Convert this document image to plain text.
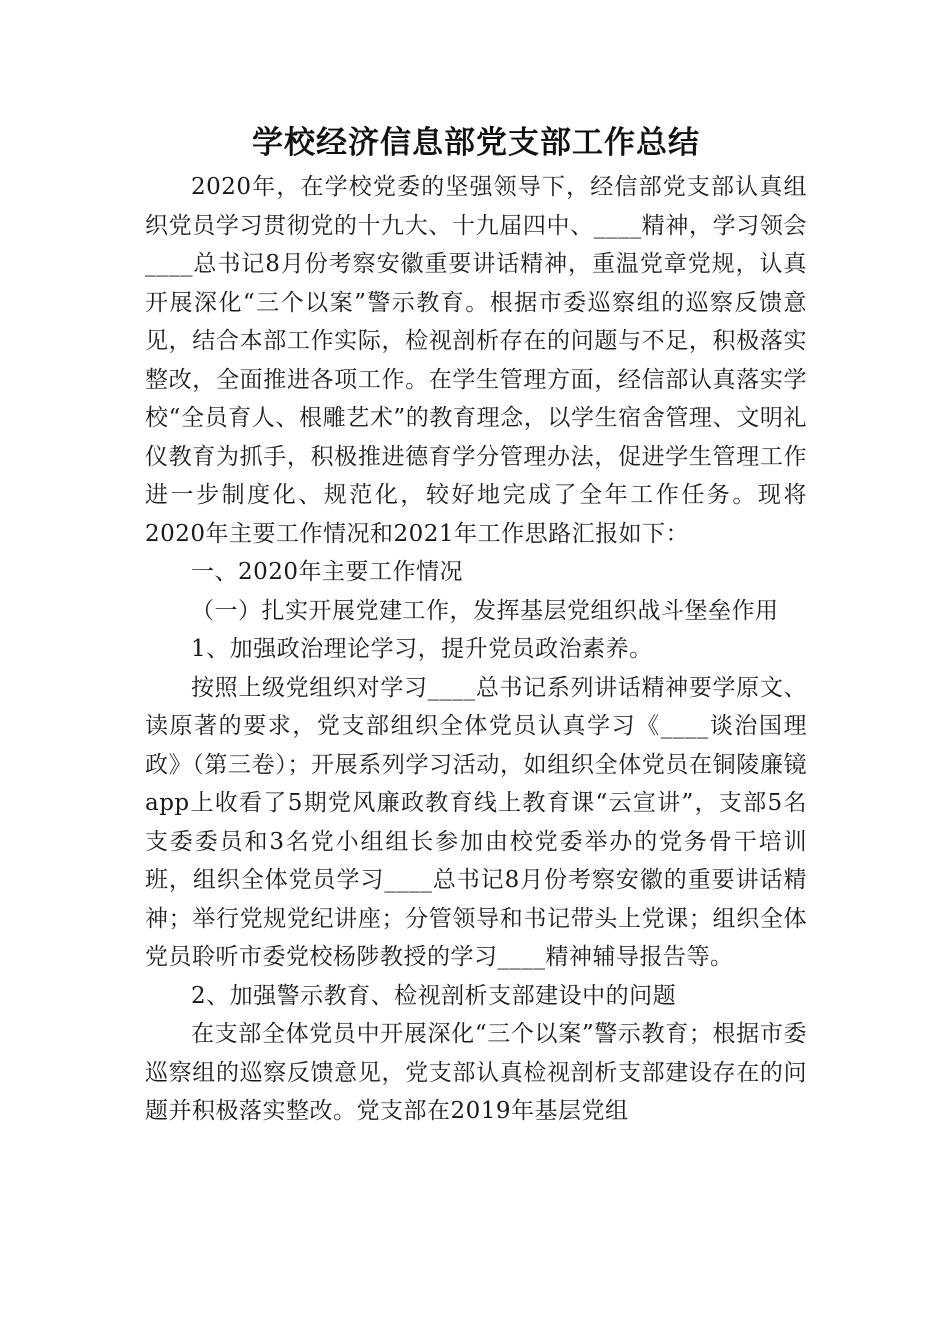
学校经济信息部党支部工作总结

2020年，在学校党委的坚强领导下，经信部党支部认真组织党员学习贯彻党的十九大、十九届四中、____精神，学习领会____总书记8月份考察安徽重要讲话精神，重温党章党规，认真开展深化“三个以案”警示教育。根据市委巡察组的巡察反馈意见，结合本部工作实际，检视剖析存在的问题与不足，积极落实整改，全面推进各项工作。在学生管理方面，经信部认真落实学校“全员育人、根雕艺术”的教育理念，以学生宿舍管理、文明礼仪教育为抓手，积极推进德育学分管理办法，促进学生管理工作进一步制度化、规范化，较好地完成了全年工作任务。现将2020年主要工作情况和2021年工作思路汇报如下：

一、2020年主要工作情况

（一）扎实开展党建工作，发挥基层党组织战斗堡垒作用

1、加强政治理论学习，提升党员政治素养。

按照上级党组织对学习____总书记系列讲话精神要学原文、读原著的要求，党支部组织全体党员认真学习《____谈治国理政》（第三卷）；开展系列学习活动，如组织全体党员在铜陵廉镜app上收看了5期党风廉政教育线上教育课“云宣讲”，支部5名支委委员和3名党小组组长参加由校党委举办的党务骨干培训班，组织全体党员学习____总书记8月份考察安徽的重要讲话精神；举行党规党纪讲座；分管领导和书记带头上党课；组织全体党员聆听市委党校杨陟教授的学习____精神辅导报告等。

2、加强警示教育、检视剖析支部建设中的问题

在支部全体党员中开展深化“三个以案”警示教育；根据市委巡察组的巡察反馈意见，党支部认真检视剖析支部建设存在的问题并积极落实整改。党支部在2019年基层党组
